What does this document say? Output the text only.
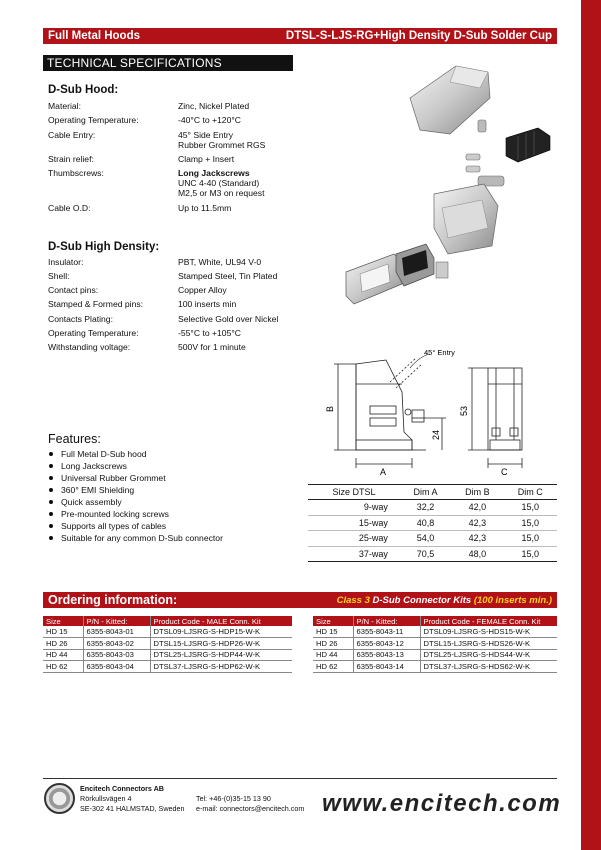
Full Metal Hoods	DTSL-S-LJS-RG+High Density D-Sub Solder Cup
TECHNICAL SPECIFICATIONS
D-Sub Hood:
Material:	Zinc, Nickel Plated
Operating Temperature:	-40°C to +120°C
Cable Entry:	45° Side Entry
Rubber Grommet RGS
Strain relief:	Clamp + Insert
Thumbscrews:	Long Jackscrews
UNC 4-40 (Standard)
M2,5 or M3 on request
Cable O.D:	Up to 11.5mm
D-Sub High Density:
Insulator:	PBT, White, UL94 V-0
Shell:	Stamped Steel, Tin Plated
Contact pins:	Copper Alloy
Stamped & Formed pins:	100 inserts min
Contacts Plating:	Selective Gold over Nickel
Operating Temperature:	-55°C to +105°C
Withstanding voltage:	500V for 1 minute
45° Entry
B
24
A
53
C
Features:
Full Metal D-Sub hood
Long Jackscrews
Universal Rubber Grommet
360° EMI Shielding
Quick assembly
Pre-mounted locking screws
Supports all types of cables
Suitable for any common D-Sub connector
Size DTSL	Dim A	Dim B	Dim C
9-way	32,2	42,0	15,0
15-way	40,8	42,3	15,0
25-way	54,0	42,3	15,0
37-way	70,5	48,0	15,0
Ordering information:	Class 3 D-Sub Connector Kits (100 inserts min.)
Size	P/N - Kitted:	Product Code - MALE Conn. Kit
HD 15	6355-8043-01	DTSL09-LJSRG-S-HDP15-W-K
HD 26	6355-8043-02	DTSL15-LJSRG-S-HDP26-W-K
HD 44	6355-8043-03	DTSL25-LJSRG-S-HDP44-W-K
HD 62	6355-8043-04	DTSL37-LJSRG-S-HDP62-W-K
Size	P/N - Kitted:	Product Code - FEMALE Conn. Kit
HD 15	6355-8043-11	DTSL09-LJSRG-S-HDS15-W-K
HD 26	6355-8043-12	DTSL15-LJSRG-S-HDS26-W-K
HD 44	6355-8043-13	DTSL25-LJSRG-S-HDS44-W-K
HD 62	6355-8043-14	DTSL37-LJSRG-S-HDS62-W-K
Encitech Connectors AB
Rörkullsvägen 4
SE-302 41 HALMSTAD, Sweden
Tel: +46-(0)35-15 13 90
e-mail: connectors@encitech.com www.encitech.com
